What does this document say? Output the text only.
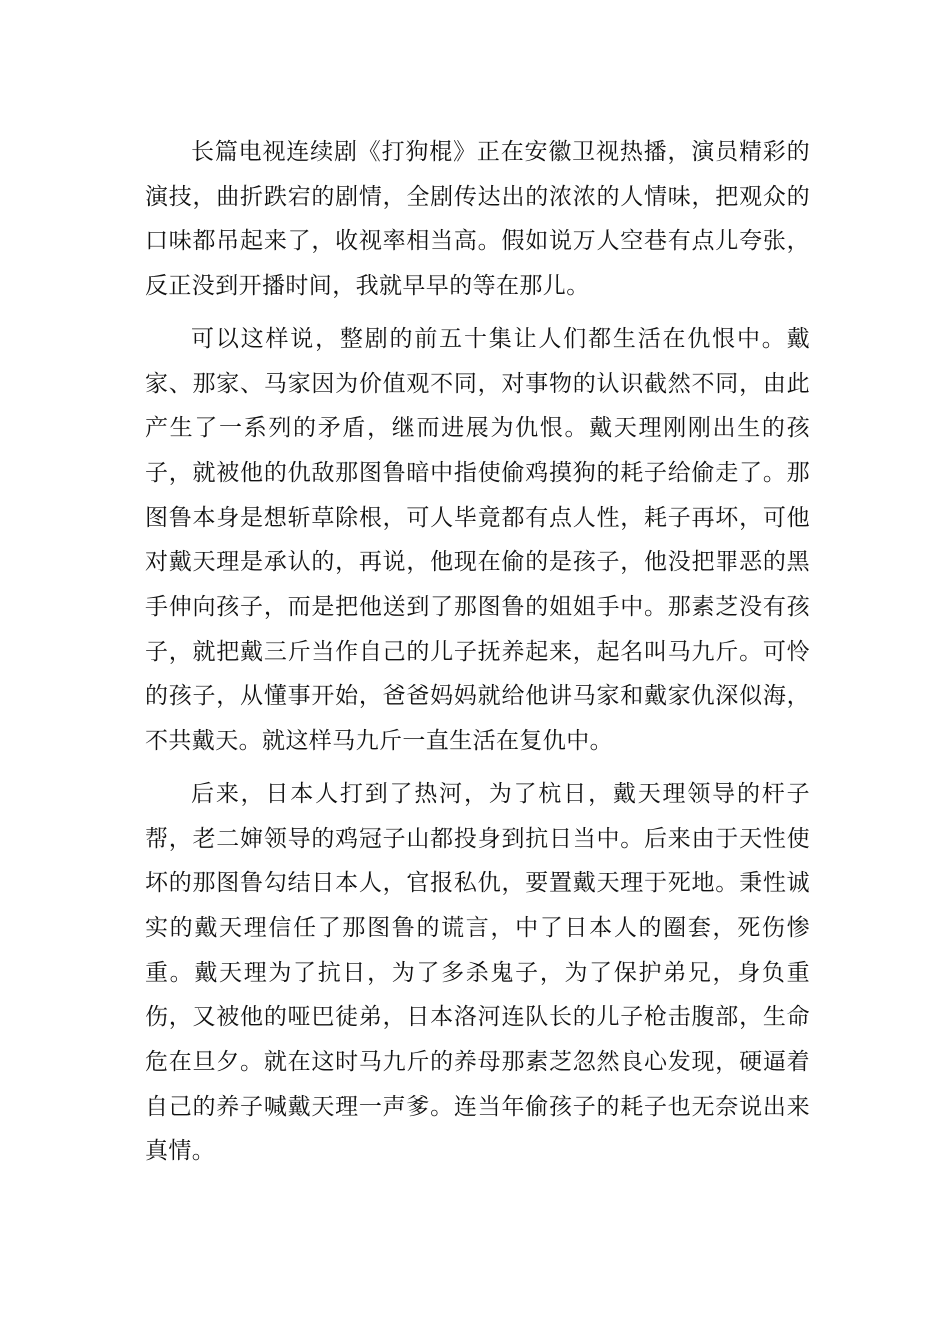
长篇电视连续剧《打狗棍》正在安徽卫视热播，演员精彩的演技，曲折跌宕的剧情，全剧传达出的浓浓的人情味，把观众的口味都吊起来了，收视率相当高。假如说万人空巷有点儿夸张，反正没到开播时间，我就早早的等在那儿。

可以这样说，整剧的前五十集让人们都生活在仇恨中。戴家、那家、马家因为价值观不同，对事物的认识截然不同，由此产生了一系列的矛盾，继而进展为仇恨。戴天理刚刚出生的孩子，就被他的仇敌那图鲁暗中指使偷鸡摸狗的耗子给偷走了。那图鲁本身是想斩草除根，可人毕竟都有点人性，耗子再坏，可他对戴天理是承认的，再说，他现在偷的是孩子，他没把罪恶的黑手伸向孩子，而是把他送到了那图鲁的姐姐手中。那素芝没有孩子，就把戴三斤当作自己的儿子抚养起来，起名叫马九斤。可怜的孩子，从懂事开始，爸爸妈妈就给他讲马家和戴家仇深似海，不共戴天。就这样马九斤一直生活在复仇中。

后来，日本人打到了热河，为了杭日，戴天理领导的杆子帮，老二婶领导的鸡冠子山都投身到抗日当中。后来由于天性使坏的那图鲁勾结日本人，官报私仇，要置戴天理于死地。秉性诚实的戴天理信任了那图鲁的谎言，中了日本人的圈套，死伤惨重。戴天理为了抗日，为了多杀鬼子，为了保护弟兄，身负重伤，又被他的哑巴徒弟，日本洛河连队长的儿子枪击腹部，生命危在旦夕。就在这时马九斤的养母那素芝忽然良心发现，硬逼着自己的养子喊戴天理一声爹。连当年偷孩子的耗子也无奈说出来真情。
